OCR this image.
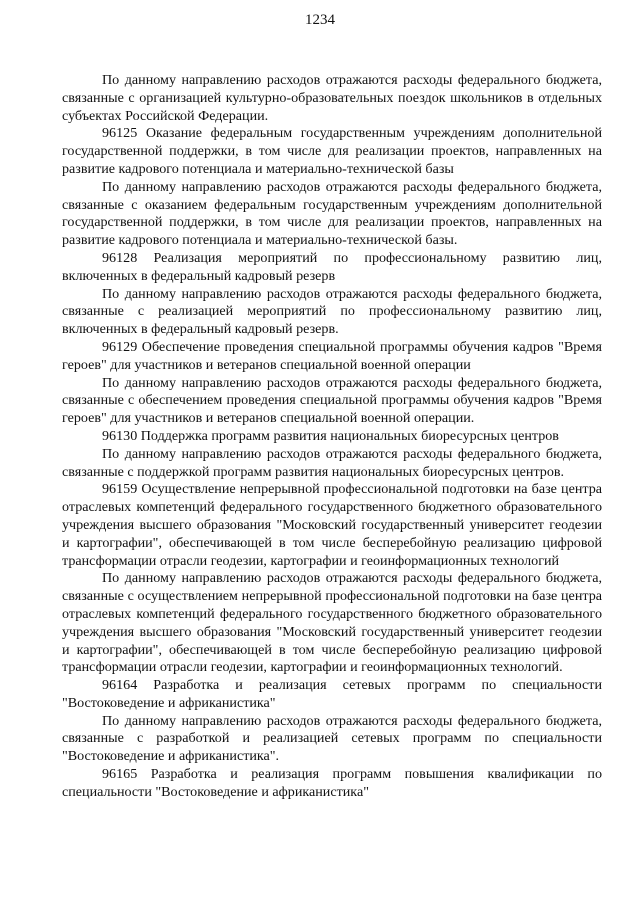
1234

По данному направлению расходов отражаются расходы федерального бюджета, связанные с организацией культурно-образовательных поездок школьников в отдельных субъектах Российской Федерации.

96125 Оказание федеральным государственным учреждениям дополнительной государственной поддержки, в том числе для реализации проектов, направленных на развитие кадрового потенциала и материально-технической базы

По данному направлению расходов отражаются расходы федерального бюджета, связанные с оказанием федеральным государственным учреждениям дополнительной государственной поддержки, в том числе для реализации проектов, направленных на развитие кадрового потенциала и материально-технической базы.

96128 Реализация мероприятий по профессиональному развитию лиц, включенных в федеральный кадровый резерв

По данному направлению расходов отражаются расходы федерального бюджета, связанные с реализацией мероприятий по профессиональному развитию лиц, включенных в федеральный кадровый резерв.

96129 Обеспечение проведения специальной программы обучения кадров "Время героев" для участников и ветеранов специальной военной операции

По данному направлению расходов отражаются расходы федерального бюджета, связанные с обеспечением проведения специальной программы обучения кадров "Время героев" для участников и ветеранов специальной военной операции.

96130 Поддержка программ развития национальных биоресурсных центров

По данному направлению расходов отражаются расходы федерального бюджета, связанные с поддержкой программ развития национальных биоресурсных центров.

96159 Осуществление непрерывной профессиональной подготовки на базе центра отраслевых компетенций федерального государственного бюджетного образовательного учреждения высшего образования "Московский государственный университет геодезии и картографии", обеспечивающей в том числе бесперебойную реализацию цифровой трансформации отрасли геодезии, картографии и геоинформационных технологий

По данному направлению расходов отражаются расходы федерального бюджета, связанные с осуществлением непрерывной профессиональной подготовки на базе центра отраслевых компетенций федерального государственного бюджетного образовательного учреждения высшего образования "Московский государственный университет геодезии и картографии", обеспечивающей в том числе бесперебойную реализацию цифровой трансформации отрасли геодезии, картографии и геоинформационных технологий.

96164 Разработка и реализация сетевых программ по специальности "Востоковедение и африканистика"

По данному направлению расходов отражаются расходы федерального бюджета, связанные с разработкой и реализацией сетевых программ по специальности "Востоковедение и африканистика".

96165 Разработка и реализация программ повышения квалификации по специальности "Востоковедение и африканистика"
